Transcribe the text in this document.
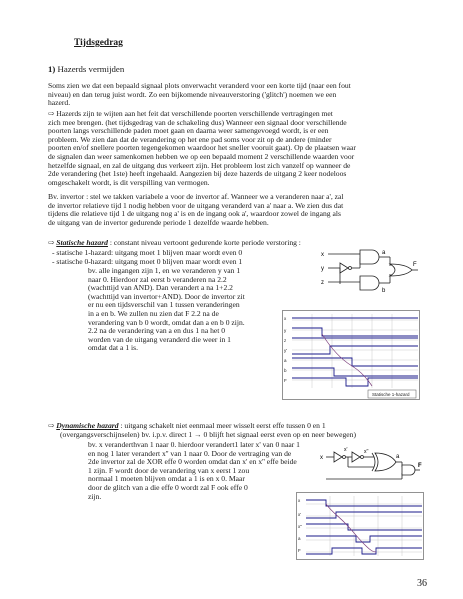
Tijdsgedrag
1) Hazerds vermijden
Soms zien we dat een bepaald signaal plots onverwacht veranderd voor een korte tijd (naar een fout
niveau) en dan terug juist wordt. Zo een bijkomende niveauverstoring ('glitch') noemen we een
hazerd.
⇨ Hazerds zijn te wijten aan het feit dat verschillende poorten verschillende vertragingen met
zich mee brengen. (het tijdsgedrag van de schakeling dus) Wanneer een signaal door verschillende
poorten langs verschillende paden moet gaan en daarna weer samengevoegd wordt, is er een
probleem. We zien dan dat de verandering op het ene pad soms voor zit op de andere (minder
poorten en/of snellere poorten tegengekomen waardoor het sneller vooruit gaat). Op de plaatsen waar
de signalen dan weer samenkomen hebben we op een bepaald moment 2 verschillende waarden voor
hetzelfde signaal, en zal de uitgang dus verkeert zijn. Het probleem lost zich vanzelf op wanneer de
2de verandering (het 1ste) heeft ingehaald. Aangezien bij deze hazerds de uitgang 2 keer nodeloos
omgeschakelt wordt, is dit verspilling van vermogen.
Bv. invertor : stel we takken variabele a voor de invertor af. Wanneer we a veranderen naar a', zal
de invertor relatieve tijd 1 nodig hebben voor de uitgang veranderd van a' naar a. We zien dus dat
tijdens die relatieve tijd 1 de uitgang nog a' is en de ingang ook a', waardoor zowel de ingang als
de uitgang van de invertor gedurende periode 1 dezelfde waarde hebben.
⇨ Statische hazard : constant niveau vertoont gedurende korte periode verstoring :
- statische 1-hazard: uitgang moet 1 blijven maar wordt even 0
- statische 0-hazard: uitgang moet 0 blijven maar wordt even 1
bv. alle ingangen zijn 1, en we veranderen y van 1
naar 0. Hierdoor zal eerst b veranderen na 2.2
(wachttijd van AND). Dan verandert a na 1+2.2
(wachttijd van invertor+AND). Door de invertor zit
er nu een tijdsverschil van 1 tussen veranderingen
in a en b. We zullen nu zien dat F 2.2 na de
verandering van b 0 wordt, omdat dan a en b 0 zijn.
2.2 na de verandering van a en dus 1 na het 0
worden van de uitgang veranderd die weer in 1
omdat dat a 1 is.
x
y
z
a
b
F
x
y
z
y'
a
b
F
Statische 1-hazard
⇨ Dynamische hazard : uitgang schakelt niet eenmaal meer wisselt eerst effe tussen 0 en 1
(overgangsverschijnselen) bv. i.p.v. direct 1 → 0 blijft het signaal eerst even op en neer bewegen)
bv. x veranderthvan 1 naar 0. hierdoor verandert1 later x' van 0 naar 1
en nog 1 later verandert x'' van 1 naar 0. Door de vertraging van de
2de invertor zal de XOR effe 0 worden omdat dan x' en x'' effe beide
1 zijn. F wordt door de verandering van x eerst 1 zou
normaal 1 moeten blijven omdat a 1 is en x 0. Maar
door de glitch van a die effe 0 wordt zal F ook effe 0
zijn.
x
x'	x''
a
F
x
x'
x''
a
F
36
